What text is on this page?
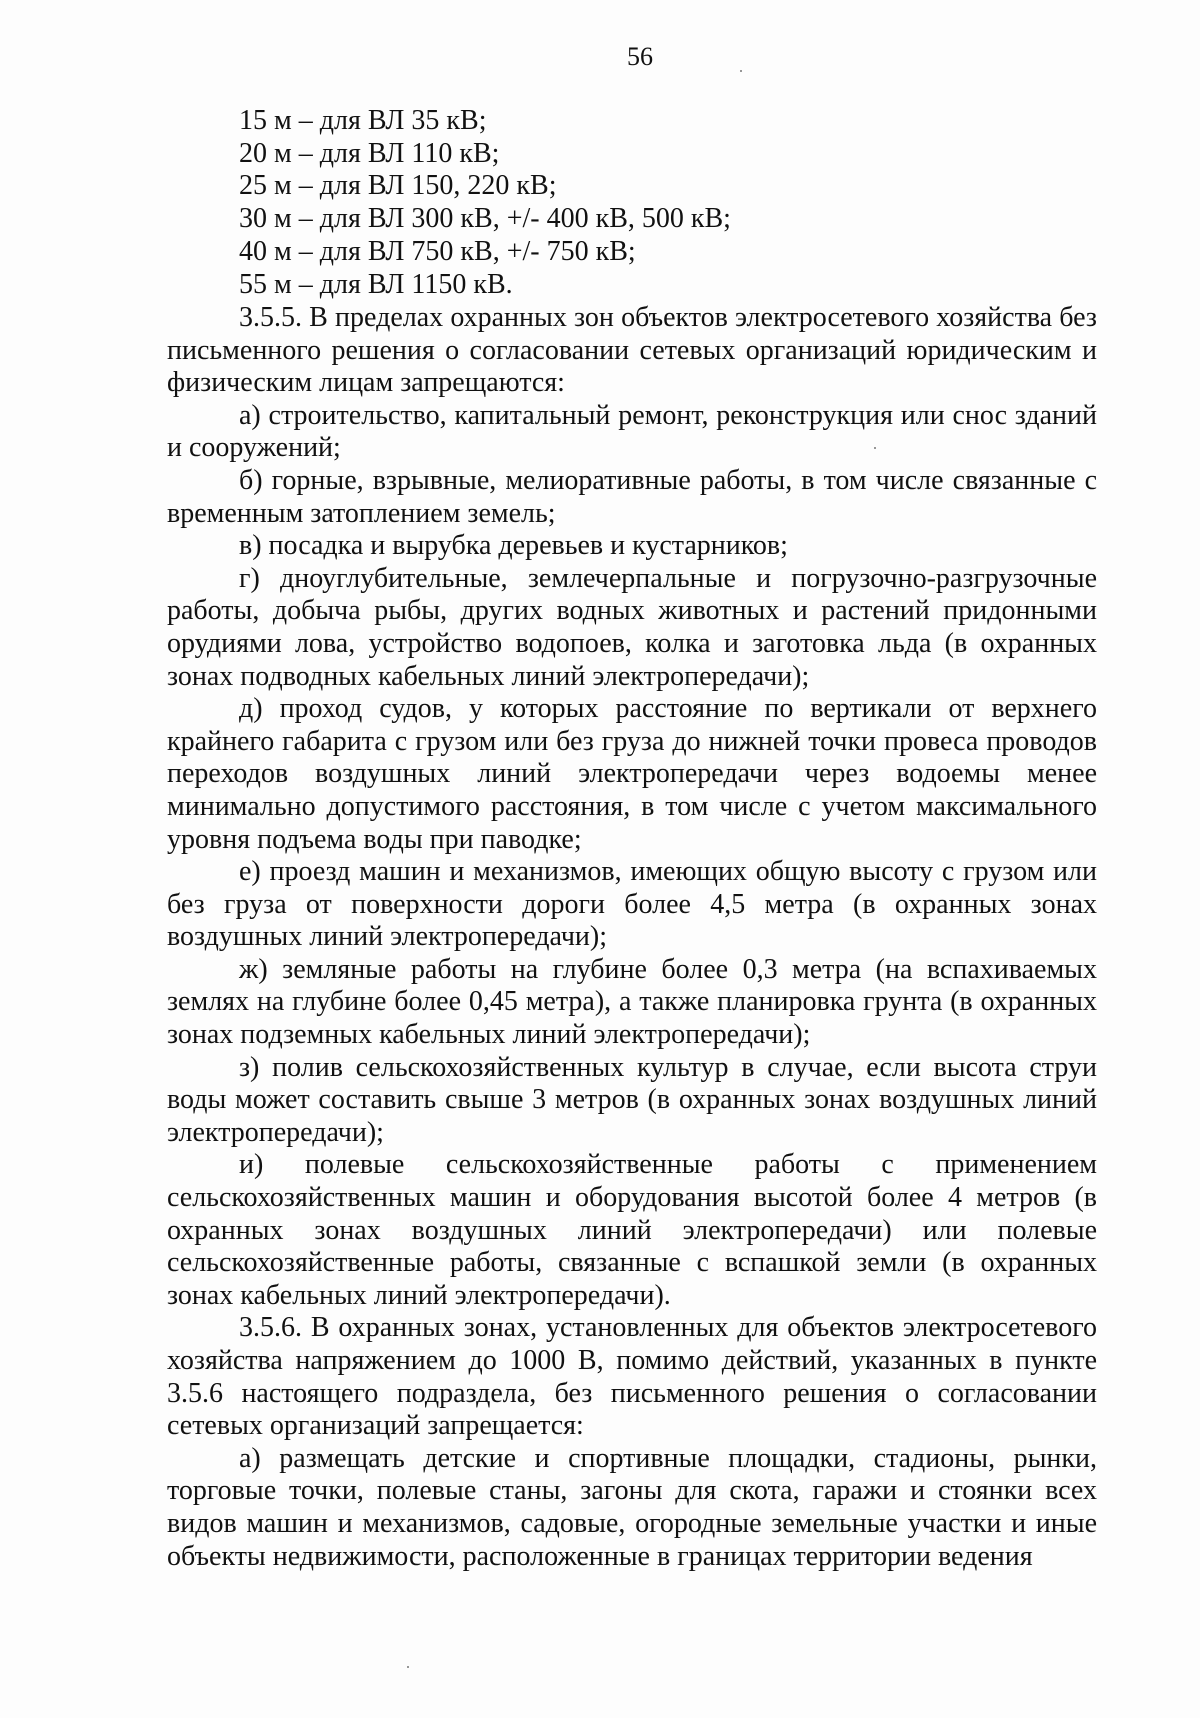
56
15 м – для ВЛ 35 кВ;
20 м – для ВЛ 110 кВ;
25 м – для ВЛ 150, 220 кВ;
30 м – для ВЛ 300 кВ, +/- 400 кВ, 500 кВ;
40 м – для ВЛ 750 кВ, +/- 750 кВ;
55 м – для ВЛ 1150 кВ.

3.5.5. В пределах охранных зон объектов электросетевого хозяйства без письменного решения о согласовании сетевых организаций юридическим и физическим лицам запрещаются:

а) строительство, капитальный ремонт, реконструкция или снос зданий и сооружений;

б) горные, взрывные, мелиоративные работы, в том числе связанные с временным затоплением земель;

в) посадка и вырубка деревьев и кустарников;

г) дноуглубительные, землечерпальные и погрузочно-разгрузочные работы, добыча рыбы, других водных животных и растений придонными орудиями лова, устройство водопоев, колка и заготовка льда (в охранных зонах подводных кабельных линий электропередачи);

д) проход судов, у которых расстояние по вертикали от верхнего крайнего габарита с грузом или без груза до нижней точки провеса проводов переходов воздушных линий электропередачи через водоемы менее минимально допустимого расстояния, в том числе с учетом максимального уровня подъема воды при паводке;

е) проезд машин и механизмов, имеющих общую высоту с грузом или без груза от поверхности дороги более 4,5 метра (в охранных зонах воздушных линий электропередачи);

ж) земляные работы на глубине более 0,3 метра (на вспахиваемых землях на глубине более 0,45 метра), а также планировка грунта (в охранных зонах подземных кабельных линий электропередачи);

з) полив сельскохозяйственных культур в случае, если высота струи воды может составить свыше 3 метров (в охранных зонах воздушных линий электропередачи);

и) полевые сельскохозяйственные работы с применением сельскохозяйственных машин и оборудования высотой более 4 метров (в охранных зонах воздушных линий электропередачи) или полевые сельскохозяйственные работы, связанные с вспашкой земли (в охранных зонах кабельных линий электропередачи).

3.5.6. В охранных зонах, установленных для объектов электросетевого хозяйства напряжением до 1000 В, помимо действий, указанных в пункте 3.5.6 настоящего подраздела, без письменного решения о согласовании сетевых организаций запрещается:

а) размещать детские и спортивные площадки, стадионы, рынки, торговые точки, полевые станы, загоны для скота, гаражи и стоянки всех видов машин и механизмов, садовые, огородные земельные участки и иные объекты недвижимости, расположенные в границах территории ведения
